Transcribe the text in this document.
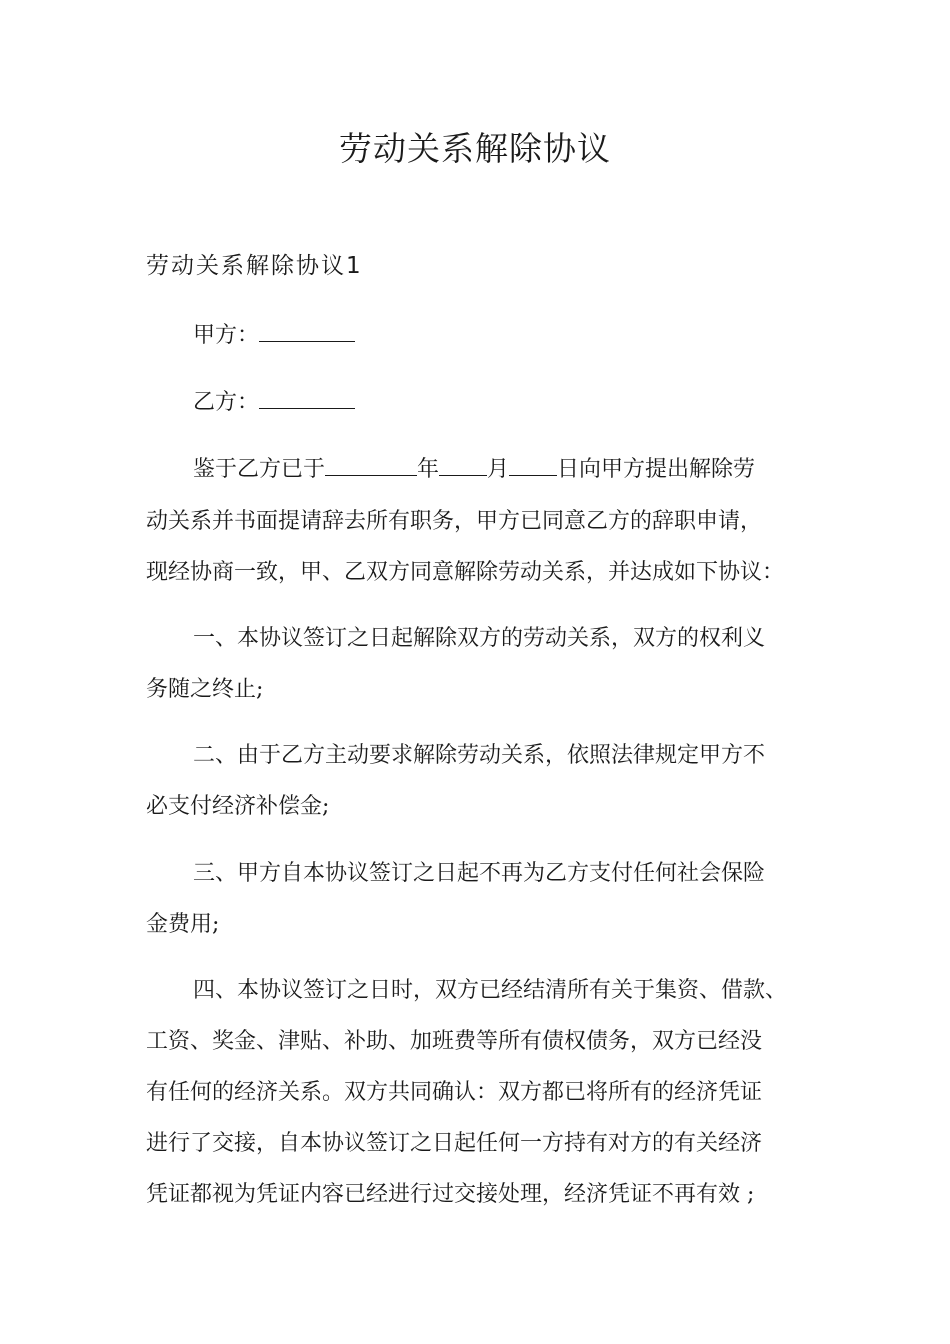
劳动关系解除协议
劳动关系解除协议1

甲方：

乙方：

鉴于乙方已于	年 月 日向甲方提出解除劳

动关系并书面提请辞去所有职务，甲方已同意乙方的辞职申请，

现经协商一致，甲、乙双方同意解除劳动关系，并达成如下协议：

一、本协议签订之日起解除双方的劳动关系，双方的权利义

务随之终止;

二、由于乙方主动要求解除劳动关系，依照法律规定甲方不

必支付经济补偿金;

三、甲方自本协议签订之日起不再为乙方支付任何社会保险

金费用;

四、本协议签订之日时，双方已经结清所有关于集资、借款、

工资、奖金、津贴、补助、加班费等所有债权债务，双方已经没

有任何的经济关系。双方共同确认：双方都已将所有的经济凭证

进行了交接，自本协议签订之日起任何一方持有对方的有关经济

凭证都视为凭证内容已经进行过交接处理，经济凭证不再有效 ;
